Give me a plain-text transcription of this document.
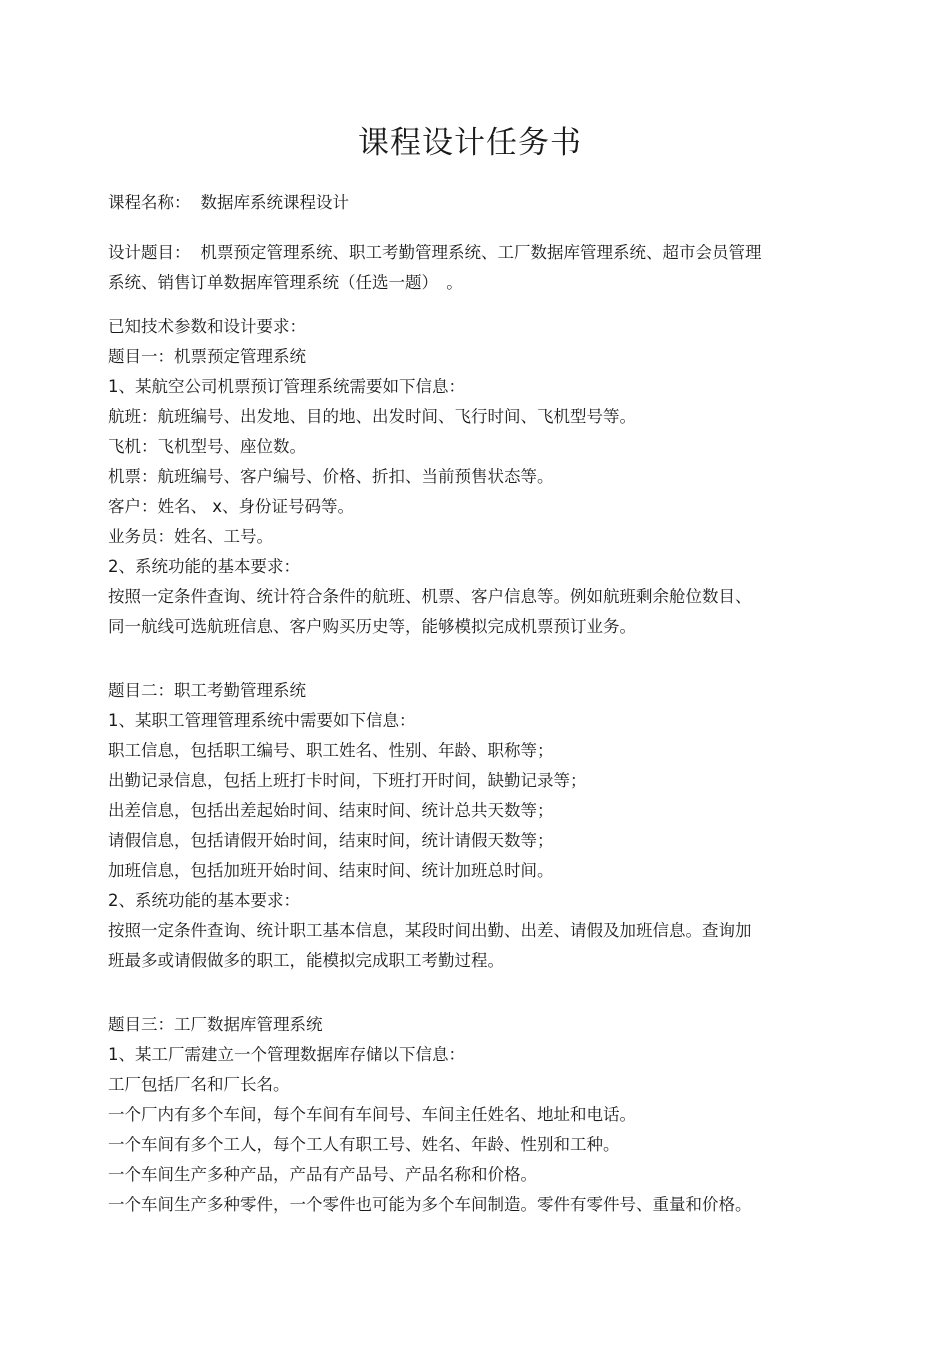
课程设计任务书
课程名称： 数据库系统课程设计
设计题目： 机票预定管理系统、职工考勤管理系统、工厂数据库管理系统、超市会员管理
系统、销售订单数据库管理系统（任选一题）　。
已知技术参数和设计要求：
题目一：机票预定管理系统
1、某航空公司机票预订管理系统需要如下信息：
航班：航班编号、出发地、目的地、出发时间、飞行时间、飞机型号等。
飞机：飞机型号、座位数。
机票：航班编号、客户编号、价格、折扣、当前预售状态等。
客户：姓名、 x、身份证号码等。
业务员：姓名、工号。
2、系统功能的基本要求：
按照一定条件查询、统计符合条件的航班、机票、客户信息等。例如航班剩余舱位数目、
同一航线可选航班信息、客户购买历史等，能够模拟完成机票预订业务。
题目二：职工考勤管理系统
1、某职工管理管理系统中需要如下信息：
职工信息，包括职工编号、职工姓名、性别、年龄、职称等；
出勤记录信息，包括上班打卡时间，下班打开时间，缺勤记录等；
出差信息，包括出差起始时间、结束时间、统计总共天数等；
请假信息，包括请假开始时间，结束时间，统计请假天数等；
加班信息，包括加班开始时间、结束时间、统计加班总时间。
2、系统功能的基本要求：
按照一定条件查询、统计职工基本信息，某段时间出勤、出差、请假及加班信息。查询加
班最多或请假做多的职工，能模拟完成职工考勤过程。
题目三：工厂数据库管理系统
1、某工厂需建立一个管理数据库存储以下信息：
工厂包括厂名和厂长名。
一个厂内有多个车间，每个车间有车间号、车间主任姓名、地址和电话。
一个车间有多个工人，每个工人有职工号、姓名、年龄、性别和工种。
一个车间生产多种产品，产品有产品号、产品名称和价格。
一个车间生产多种零件，一个零件也可能为多个车间制造。零件有零件号、重量和价格。
